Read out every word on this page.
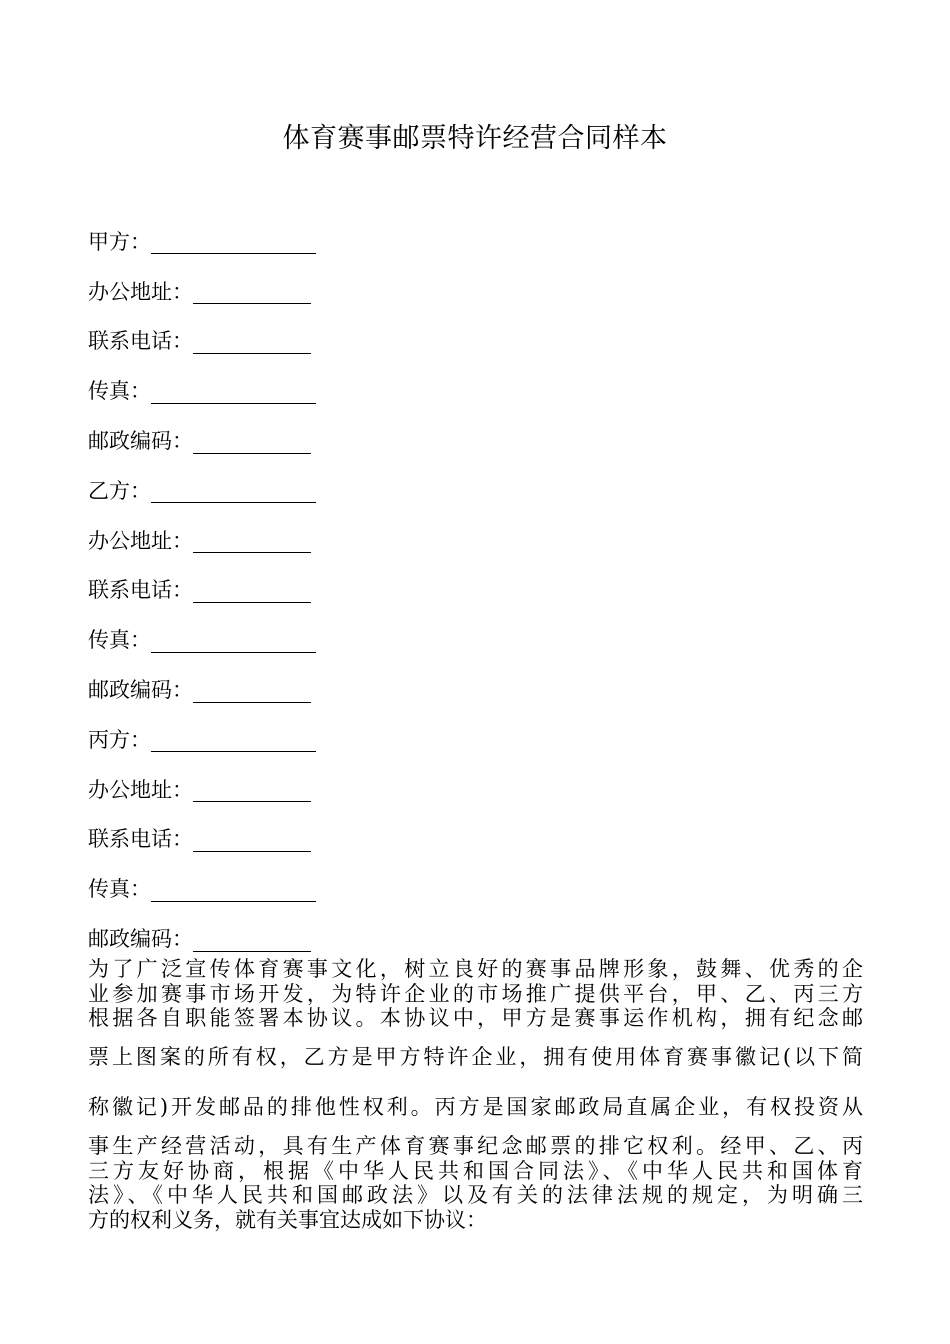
体育赛事邮票特许经营合同样本
甲方：
办公地址：
联系电话：
传真：
邮政编码：
乙方：
办公地址：
联系电话：
传真：
邮政编码：
丙方：
办公地址：
联系电话：
传真：
邮政编码：
为了广泛宣传体育赛事文化，树立良好的赛事品牌形象，鼓舞、优秀的企
业参加赛事市场开发，为特许企业的市场推广提供平台，甲、乙、丙三方
根据各自职能签署本协议。本协议中，甲方是赛事运作机构，拥有纪念邮
票上图案的所有权，乙方是甲方特许企业，拥有使用体育赛事徽记(以下简
称徽记)开发邮品的排他性权利。丙方是国家邮政局直属企业，有权投资从
事生产经营活动，具有生产体育赛事纪念邮票的排它权利。经甲、乙、丙
三方友好协商，根据《中华人民共和国合同法》、《中华人民共和国体育
法》、《中华人民共和国邮政法》以及有关的法律法规的规定，为明确三
方的权利义务，就有关事宜达成如下协议：
